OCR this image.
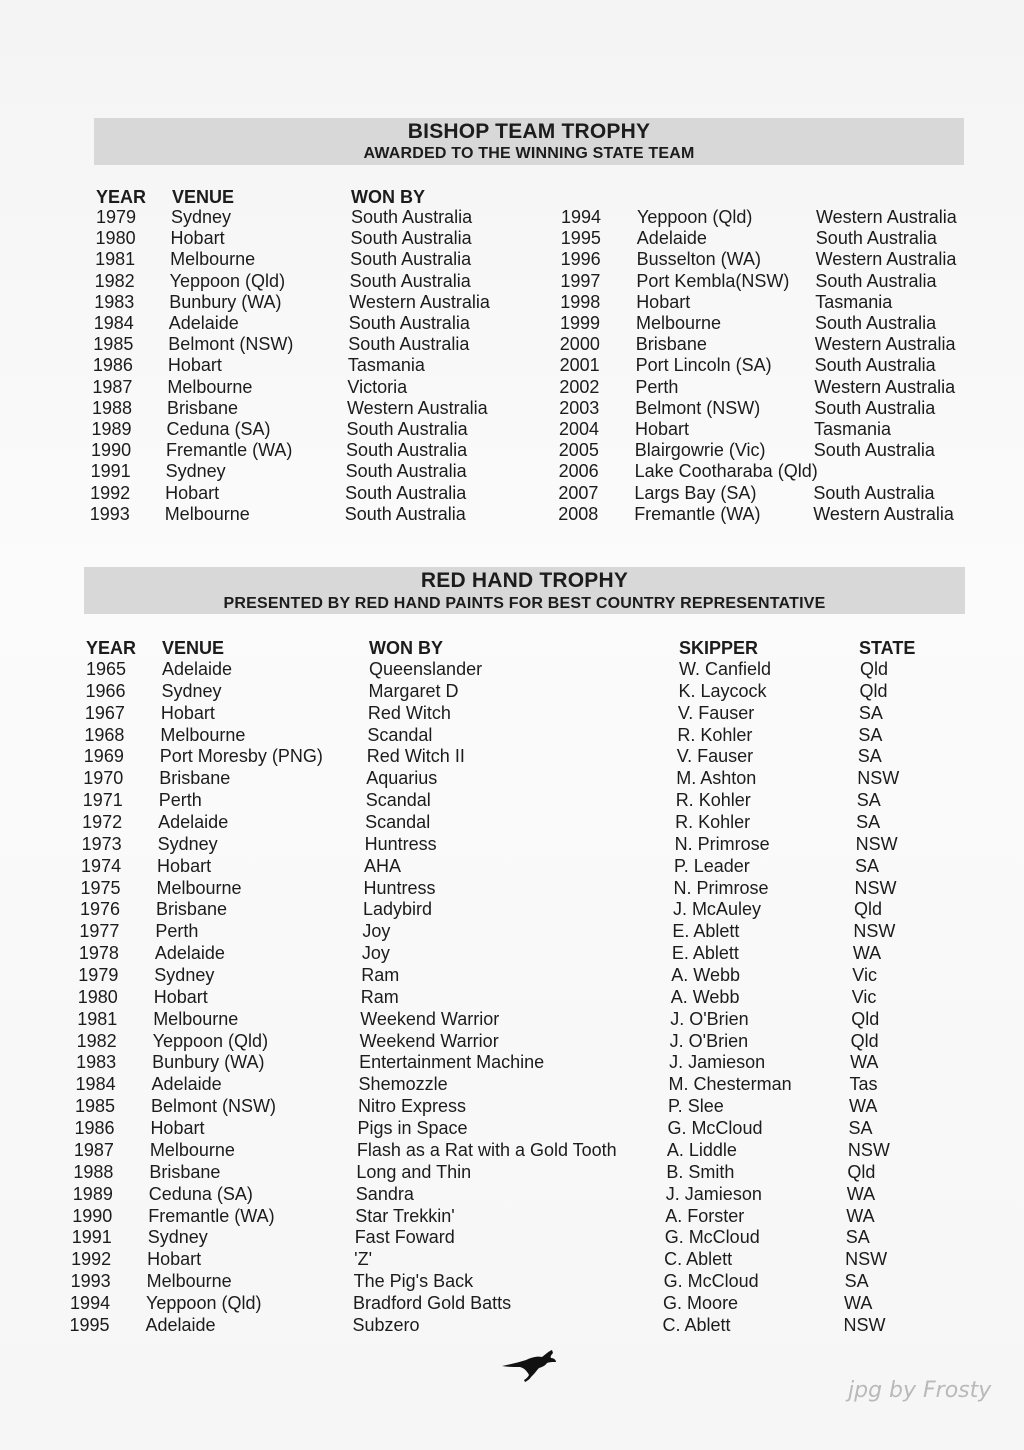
BISHOP TEAM TROPHY
AWARDED TO THE WINNING STATE TEAM
YEAR VENUE	WON BY
1979 Sydney	South Australia
1980 Hobart	South Australia
1981 Melbourne	South Australia
1982 Yeppoon (Qld)	South Australia
1983 Bunbury (WA)	Western Australia
1984 Adelaide	South Australia
1985 Belmont (NSW)	South Australia
1986 Hobart	Tasmania
1987 Melbourne	Victoria
1988 Brisbane	Western Australia
1989 Ceduna (SA)	South Australia
1990 Fremantle (WA)	South Australia
1991 Sydney	South Australia
1992 Hobart	South Australia
1993 Melbourne	South Australia
1994 Yeppoon (Qld)	Western Australia
1995 Adelaide	South Australia
1996 Busselton (WA)	Western Australia
1997 Port Kembla(NSW) South Australia
1998 Hobart	Tasmania
1999 Melbourne	South Australia
2000 Brisbane	Western Australia
2001 Port Lincoln (SA) South Australia
2002 Perth	Western Australia
2003 Belmont (NSW)	South Australia
2004 Hobart	Tasmania
2005 Blairgowrie (Vic)	South Australia
2006 Lake Cootharaba (Qld)
2007 Largs Bay (SA)	South Australia
2008 Fremantle (WA)	Western Australia
RED HAND TROPHY
PRESENTED BY RED HAND PAINTS FOR BEST COUNTRY REPRESENTATIVE
YEAR VENUE	WON BY	SKIPPER	STATE
1965 Adelaide	Queenslander	W. Canfield	Qld
1966 Sydney	Margaret D	K. Laycock	Qld
1967 Hobart	Red Witch	V. Fauser	SA
1968 Melbourne	Scandal	R. Kohler	SA
1969 Port Moresby (PNG) Red Witch II	V. Fauser	SA
1970 Brisbane	Aquarius	M. Ashton	NSW
1971 Perth	Scandal	R. Kohler	SA
1972 Adelaide	Scandal	R. Kohler	SA
1973 Sydney	Huntress	N. Primrose	NSW
1974 Hobart	AHA	P. Leader	SA
1975 Melbourne	Huntress	N. Primrose	NSW
1976 Brisbane	Ladybird	J. McAuley	Qld
1977 Perth	Joy	E. Ablett	NSW
1978 Adelaide	Joy	E. Ablett	WA
1979 Sydney	Ram	A. Webb	Vic
1980 Hobart	Ram	A. Webb	Vic
1981 Melbourne	Weekend Warrior	J. O'Brien	Qld
1982 Yeppoon (Qld)	Weekend Warrior	J. O'Brien	Qld
1983 Bunbury (WA)	Entertainment Machine	J. Jamieson	WA
1984 Adelaide	Shemozzle	M. Chesterman	Tas
1985 Belmont (NSW)	Nitro Express	P. Slee	WA
1986 Hobart	Pigs in Space	G. McCloud	SA
1987 Melbourne	Flash as a Rat with a Gold Tooth	A. Liddle	NSW
1988 Brisbane	Long and Thin	B. Smith	Qld
1989 Ceduna (SA)	Sandra	J. Jamieson	WA
1990 Fremantle (WA)	Star Trekkin'	A. Forster	WA
1991 Sydney	Fast Foward	G. McCloud	SA
1992 Hobart	'Z'	C. Ablett	NSW
1993 Melbourne	The Pig's Back	G. McCloud	SA
1994 Yeppoon (Qld)	Bradford Gold Batts	G. Moore	WA
1995 Adelaide	Subzero	C. Ablett	NSW
jpg by Frosty
